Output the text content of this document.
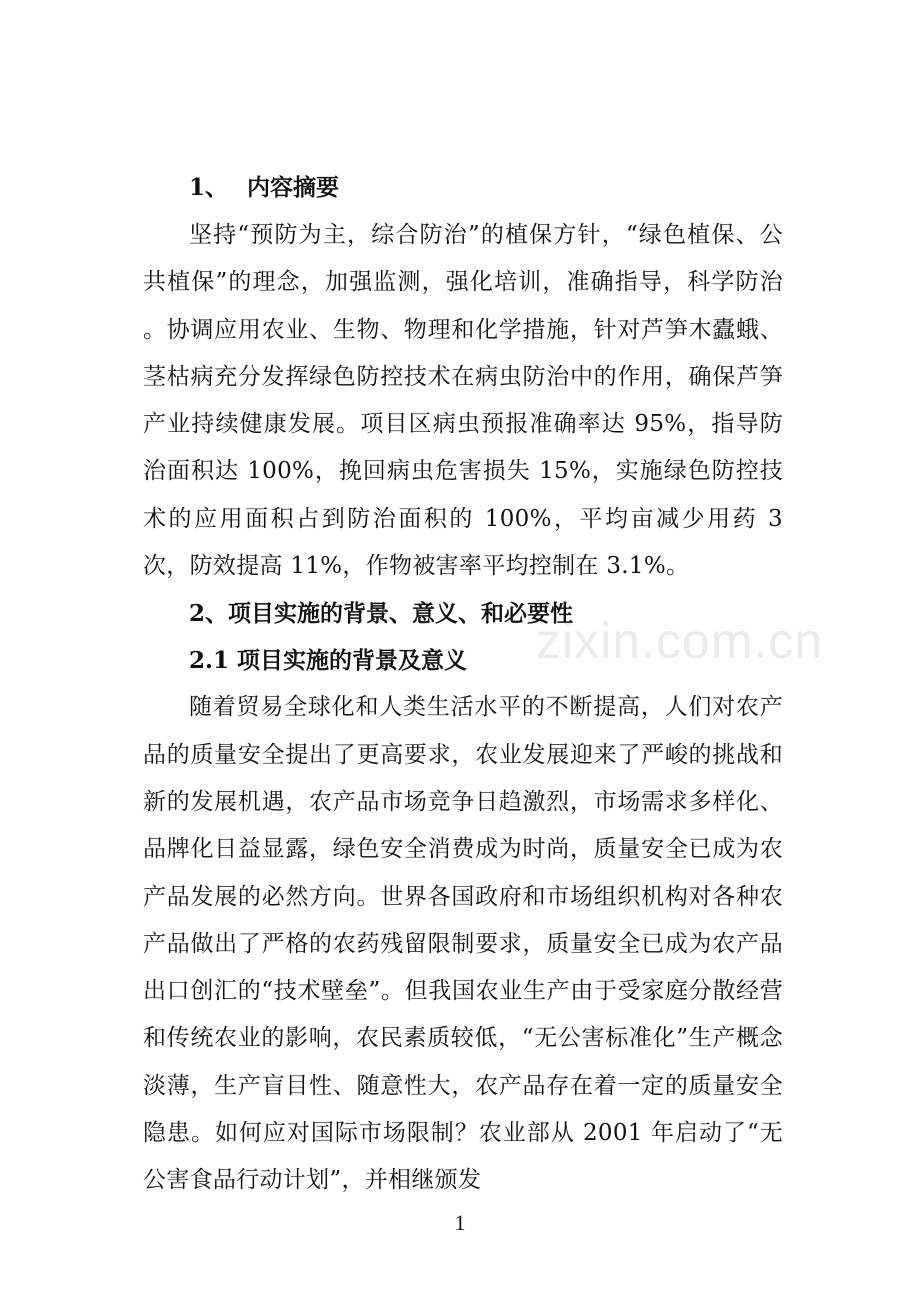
zixin.com.cn
1、 内容摘要

坚持“预防为主，综合防治”的植保方针，“绿色植保、公共植保”的理念，加强监测，强化培训，准确指导，科学防治 。协调应用农业、生物、物理和化学措施，针对芦笋木蠹蛾、茎枯病充分发挥绿色防控技术在病虫防治中的作用，确保芦笋产业持续健康发展。项目区病虫预报准确率达 95%，指导防治面积达 100%，挽回病虫危害损失 15%，实施绿色防控技术的应用面积占到防治面积的 100%，平均亩减少用药 3 次，防效提高 11%，作物被害率平均控制在 3.1%。

2、项目实施的背景、意义、和必要性
2.1 项目实施的背景及意义

随着贸易全球化和人类生活水平的不断提高，人们对农产品的质量安全提出了更高要求，农业发展迎来了严峻的挑战和新的发展机遇，农产品市场竞争日趋激烈，市场需求多样化、品牌化日益显露，绿色安全消费成为时尚，质量安全已成为农产品发展的必然方向。世界各国政府和市场组织机构对各种农产品做出了严格的农药残留限制要求，质量安全已成为农产品出口创汇的“技术壁垒”。但我国农业生产由于受家庭分散经营和传统农业的影响，农民素质较低，“无公害标准化”生产概念淡薄，生产盲目性、随意性大，农产品存在着一定的质量安全隐患。如何应对国际市场限制？农业部从 2001 年启动了“无公害食品行动计划”，并相继颁发

1
